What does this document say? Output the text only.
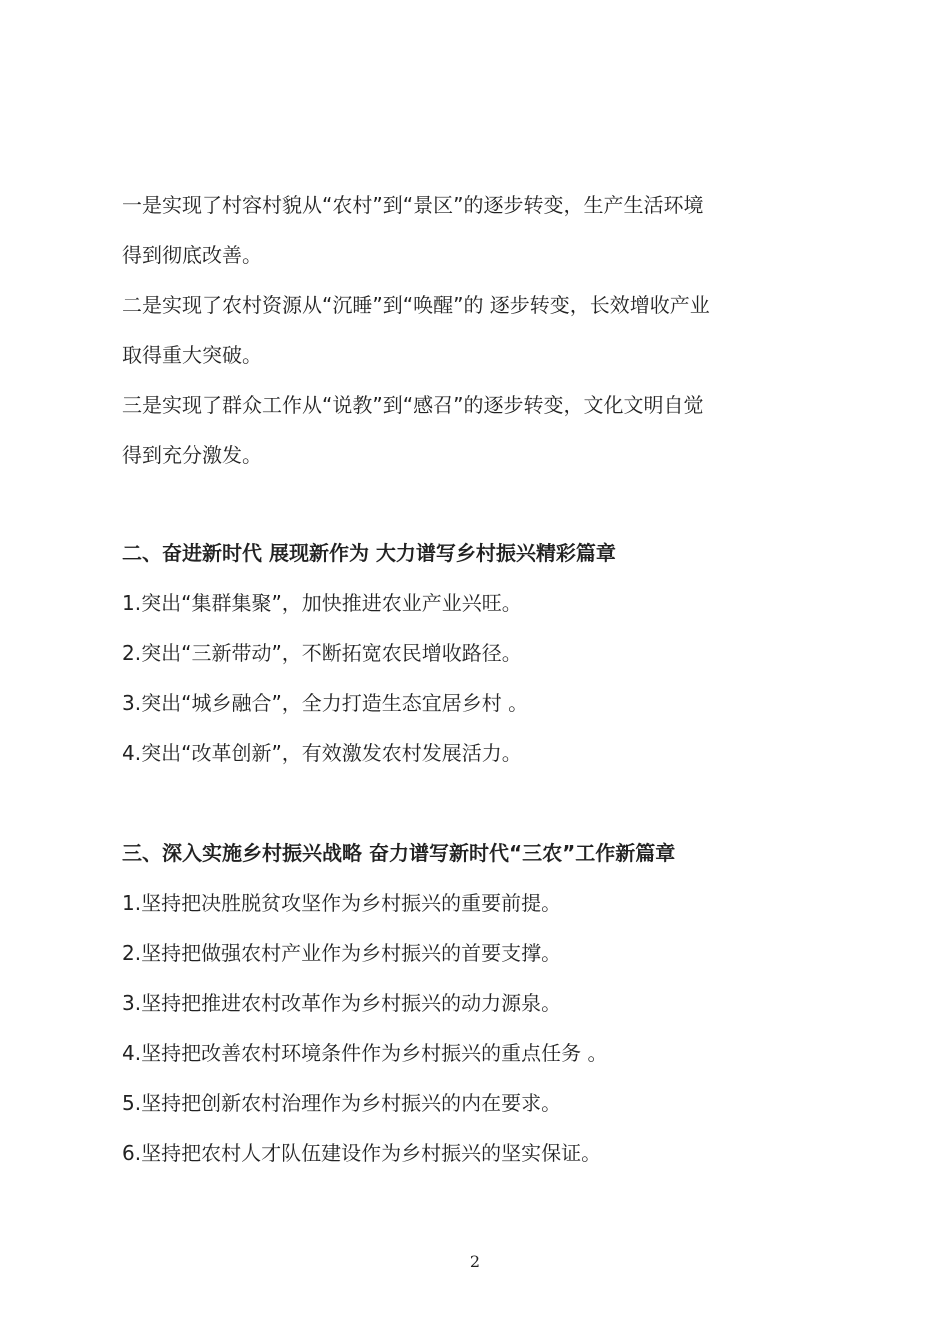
一是实现了村容村貌从“农村”到“景区”的逐步转变，生产生活环境

得到彻底改善。

二是实现了农村资源从“沉睡”到“唤醒”的 逐步转变，长效增收产业

取得重大突破。

三是实现了群众工作从“说教”到“感召”的逐步转变，文化文明自觉

得到充分激发。

二、奋进新时代 展现新作为 大力谱写乡村振兴精彩篇章

1.突出“集群集聚”，加快推进农业产业兴旺。

2.突出“三新带动”，不断拓宽农民增收路径。

3.突出“城乡融合”，全力打造生态宜居乡村 。

4.突出“改革创新”，有效激发农村发展活力。

三、深入实施乡村振兴战略 奋力谱写新时代“三农”工作新篇章

1.坚持把决胜脱贫攻坚作为乡村振兴的重要前提。

2.坚持把做强农村产业作为乡村振兴的首要支撑。

3.坚持把推进农村改革作为乡村振兴的动力源泉。

4.坚持把改善农村环境条件作为乡村振兴的重点任务 。

5.坚持把创新农村治理作为乡村振兴的内在要求。

6.坚持把农村人才队伍建设作为乡村振兴的坚实保证。

2
